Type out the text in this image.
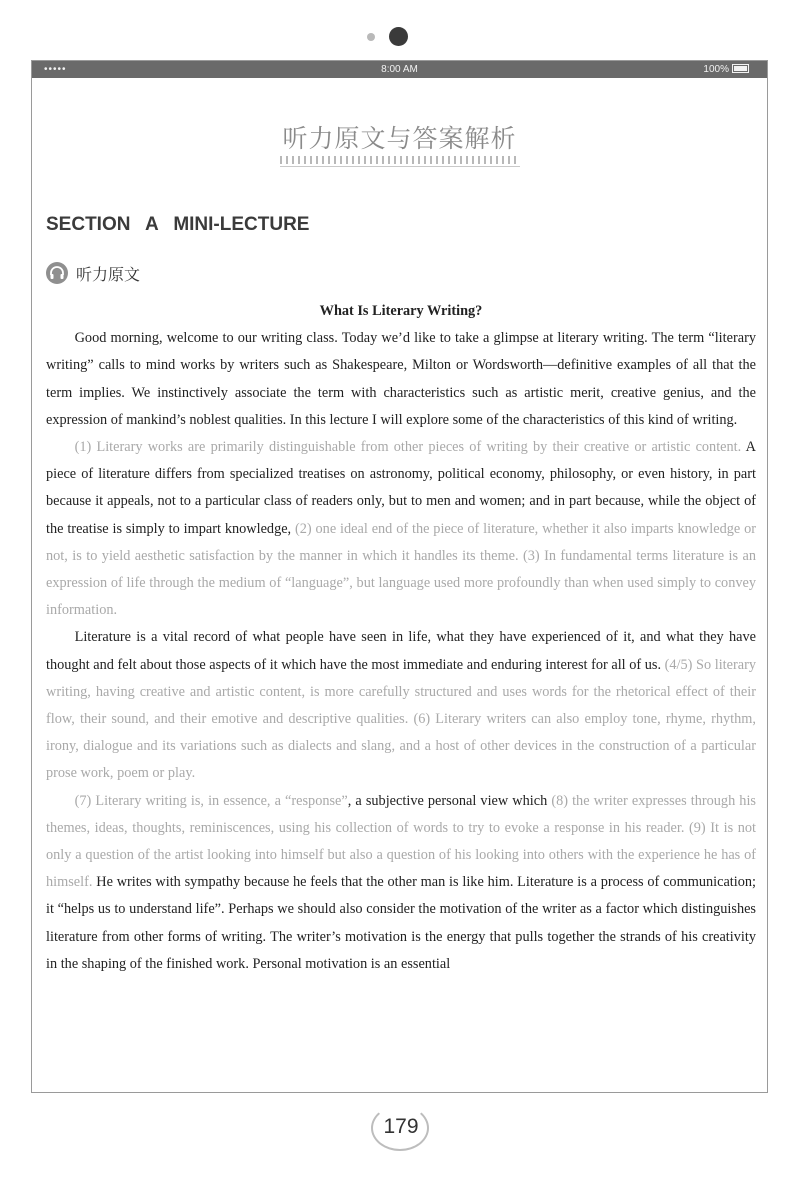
•••••	8:00 AM	100%
听力原文与答案解析
SECTION A MINI-LECTURE
听力原文

What Is Literary Writing?

Good morning, welcome to our writing class. Today we’d like to take a glimpse at literary writing. The term “literary writing” calls to mind works by writers such as Shakespeare, Milton or Wordsworth—definitive examples of all that the term implies. We instinctively associate the term with characteristics such as artistic merit, creative genius, and the expression of mankind’s noblest qualities. In this lecture I will explore some of the characteristics of this kind of writing.

(1) Literary works are primarily distinguishable from other pieces of writing by their creative or artistic content. A piece of literature differs from specialized treatises on astronomy, political economy, philosophy, or even history, in part because it appeals, not to a particular class of readers only, but to men and women; and in part because, while the object of the treatise is simply to impart knowledge, (2) one ideal end of the piece of literature, whether it also imparts knowledge or not, is to yield aesthetic satisfaction by the manner in which it handles its theme. (3) In fundamental terms literature is an expression of life through the medium of “language”, but language used more profoundly than when used simply to convey information.

Literature is a vital record of what people have seen in life, what they have experienced of it, and what they have thought and felt about those aspects of it which have the most immediate and enduring interest for all of us. (4/5) So literary writing, having creative and artistic content, is more carefully structured and uses words for the rhetorical effect of their flow, their sound, and their emotive and descriptive qualities. (6) Literary writers can also employ tone, rhyme, rhythm, irony, dialogue and its variations such as dialects and slang, and a host of other devices in the construction of a particular prose work, poem or play.

(7) Literary writing is, in essence, a “response”, a subjective personal view which (8) the writer expresses through his themes, ideas, thoughts, reminiscences, using his collection of words to try to evoke a response in his reader. (9) It is not only a question of the artist looking into himself but also a question of his looking into others with the experience he has of himself. He writes with sympathy because he feels that the other man is like him. Literature is a process of communication; it “helps us to understand life”. Perhaps we should also consider the motivation of the writer as a factor which distinguishes literature from other forms of writing. The writer’s motivation is the energy that pulls together the strands of his creativity in the shaping of the finished work. Personal motivation is an essential

179
